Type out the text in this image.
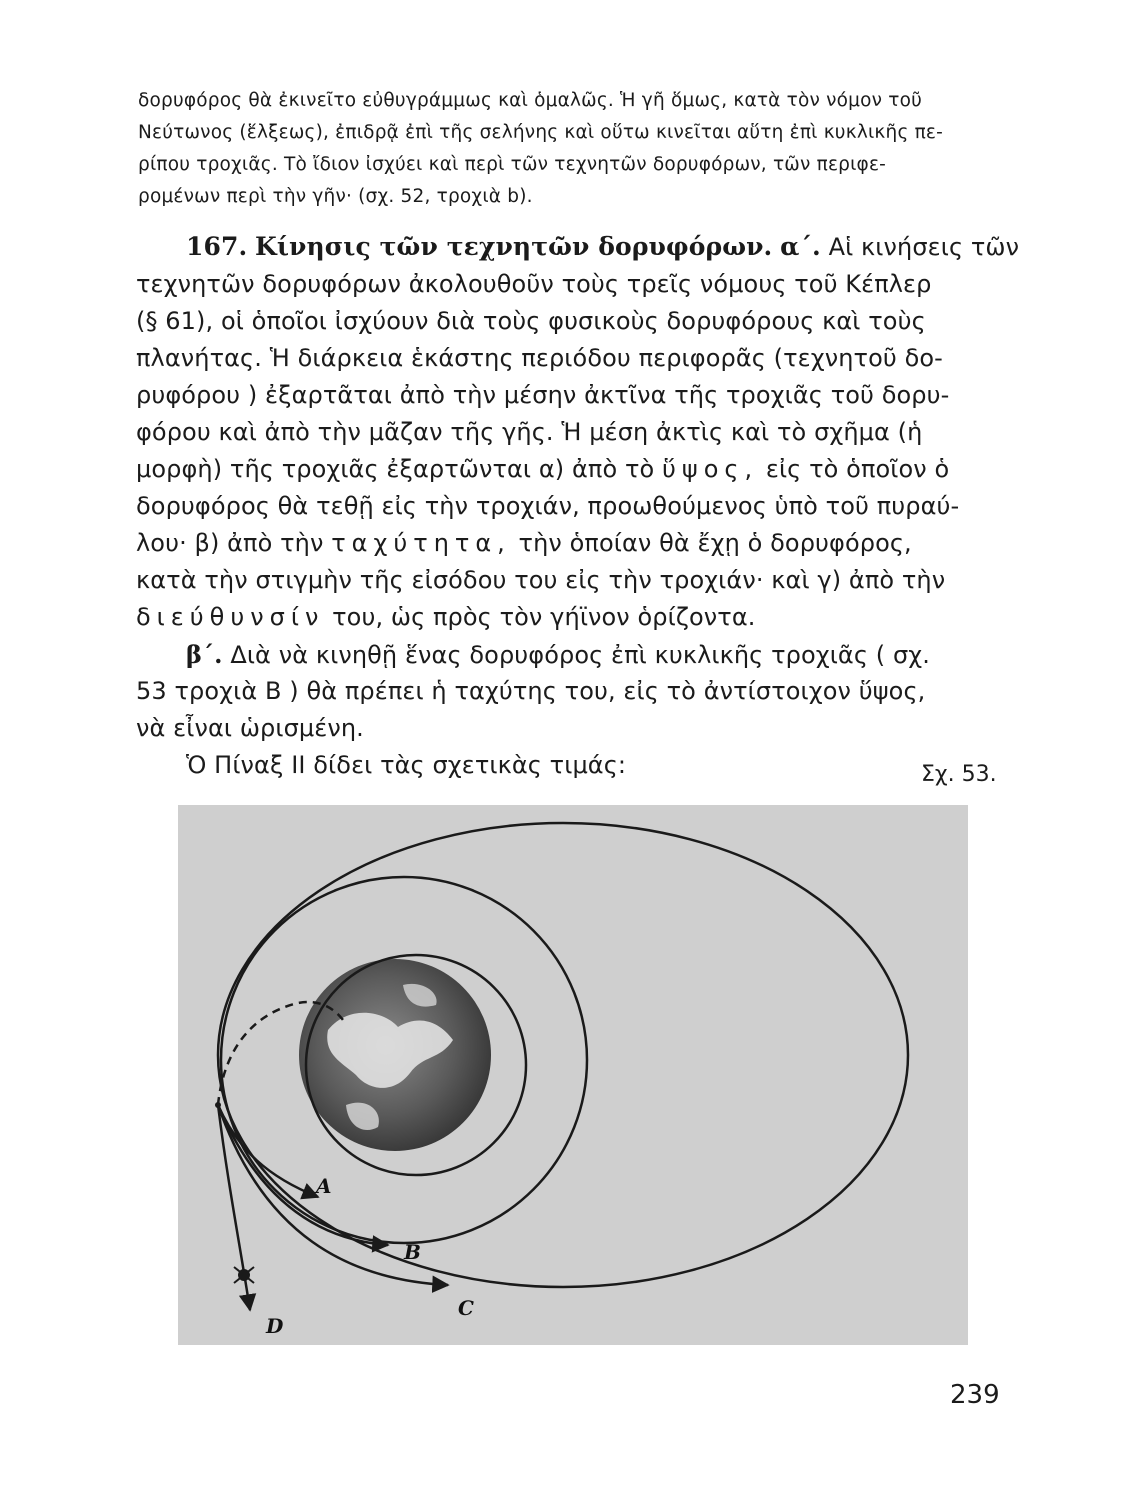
δορυφόρος θὰ ἐκινεῖτο εὐθυγράμμως καὶ ὁμαλῶς. Ἡ γῆ ὅμως, κατὰ τὸν νόμον τοῦ
Νεύτωνος (ἕλξεως), ἐπιδρᾷ ἐπὶ τῆς σελήνης καὶ οὕτω κινεῖται αὕτη ἐπὶ κυκλικῆς πε-
ρίπου τροχιᾶς. Τὸ ἴδιον ἰσχύει καὶ περὶ τῶν τεχνητῶν δορυφόρων, τῶν περιφε-
ρομένων περὶ τὴν γῆν· (σχ. 52, τροχιὰ b).
167. Κίνησις τῶν τεχνητῶν δορυφόρων. α΄. Αἱ κινήσεις τῶν
τεχνητῶν δορυφόρων ἀκολουθοῦν τοὺς τρεῖς νόμους τοῦ Κέπλερ
(§ 61), οἱ ὁποῖοι ἰσχύουν διὰ τοὺς φυσικοὺς δορυφόρους καὶ τοὺς
πλανήτας. Ἡ διάρκεια ἑκάστης περιόδου περιφορᾶς (τεχνητοῦ δο-
ρυφόρου ) ἐξαρτᾶται ἀπὸ τὴν μέσην ἀκτῖνα τῆς τροχιᾶς τοῦ δορυ-
φόρου καὶ ἀπὸ τὴν μᾶζαν τῆς γῆς. Ἡ μέση ἀκτὶς καὶ τὸ σχῆμα (ἡ
μορφὴ) τῆς τροχιᾶς ἐξαρτῶνται α) ἀπὸ τὸ ὕψος, εἰς τὸ ὁποῖον ὁ
δορυφόρος θὰ τεθῇ εἰς τὴν τροχιάν, προωθούμενος ὑπὸ τοῦ πυραύ-
λου· β) ἀπὸ τὴν ταχύτητα, τὴν ὁποίαν θὰ ἔχῃ ὁ δορυφόρος,
κατὰ τὴν στιγμὴν τῆς εἰσόδου του εἰς τὴν τροχιάν· καὶ γ) ἀπὸ τὴν
διεύθυνσίν του, ὡς πρὸς τὸν γήϊνον ὁρίζοντα.
β΄. Διὰ νὰ κινηθῇ ἕνας δορυφόρος ἐπὶ κυκλικῆς τροχιᾶς ( σχ.
53 τροχιὰ Β ) θὰ πρέπει ἡ ταχύτης του, εἰς τὸ ἀντίστοιχον ὕψος,
νὰ εἶναι ὡρισμένη.
Ὁ Πίναξ ΙΙ δίδει τὰς σχετικὰς τιμάς:	Σχ. 53.
A
B
C
D
239
